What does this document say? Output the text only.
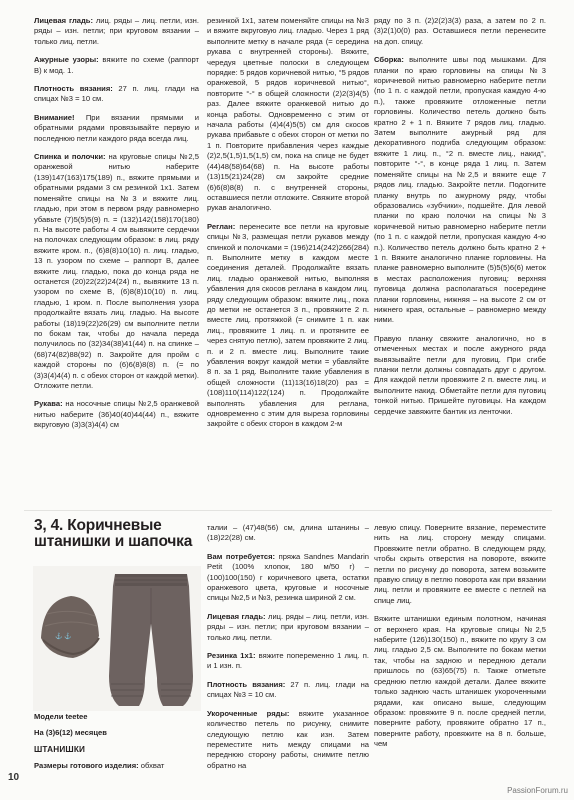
Лицевая гладь: лиц. ряды – лиц. петли, изн. ряды – изн. петли; при круговом вязании – только лиц. петли.

Ажурные узоры: вяжите по схеме (раппорт В) к мод. 1.

Плотность вязания: 27 п. лиц. глади на спицах №3 = 10 см.

Внимание! При вязании прямыми и обратными рядами провязывайте первую и последнюю петли каждого ряда всегда лиц.

Спинка и полочки: на круговые спицы №2,5 оранжевой нитью наберите (139)147(163)175(189) п., вяжите прямыми и обратными рядами 3 см резинкой 1х1. Затем поменяйте спицы на №3 и вяжите лиц. гладью, при этом в первом ряду равномерно убавьте (7)5(5)5(9) п. = (132)142(158)170(180) п. На высоте работы 4 см вывяжите сердечки на полочках следующим образом: в лиц. ряду вяжите кром. п., (6)8(8)10(10) п. лиц. гладью, 13 п. узором по схеме – раппорт В, далее вяжите лиц. гладью, пока до конца ряда не останется (20)22(22)24(24) п., вывяжите 13 п. узором по схеме В, (6)8(8)10(10) п. лиц. гладью, 1 кром. п. После выполнения узора продолжайте вязать лиц. гладью. На высоте работы (18)19(22)26(29) см выполните петли по бокам так, чтобы до начала переда получилось по (32)34(38)41(44) п. на спинке – (68)74(82)88(92) п. Закройте для пройм с каждой стороны по (6)6(8)8(8) п. (= по (3)3(4)4(4) п. с обеих сторон от каждой метки). Отложите петли.

Рукава: на носочные спицы №2,5 оранжевой нитью наберите (36)40(40)44(44) п., вяжите вкруговую (3)3(3)4(4) см

резинкой 1х1, затем поменяйте спицы на №3 и вяжите вкруговую лиц. гладью. Через 1 ряд выполните метку в начале ряда (= середина рукава с внутренней стороны). Вяжите, чередуя цветные полоски в следующем порядке: 5 рядов коричневой нитью, °5 рядов оранжевой, 5 рядов коричневой нитью°, повторите °-° в общей сложности (2)2(3)4(5) раз. Далее вяжите оранжевой нитью до конца работы. Одновременно с этим от начала работы (4)4(4)5(5) см для скосов рукава прибавьте с обеих сторон от метки по 1 п. Повторите прибавления через каждые (2)2,5(1,5)1,5(1,5) см, пока на спице не будет (44)48(58)64(68) п. На высоте работы (13)15(21)24(28) см закройте средние (6)6(8)8(8) п. с внутренней стороны, оставшиеся петли отложите. Свяжите второй рукав аналогично.

Реглан: перенесите все петли на круговые спицы №3, размещая петли рукавов между спинкой и полочками = (196)214(242)266(284) п. Выполните метку в каждом месте соединения деталей. Продолжайте вязать лиц. гладью оранжевой нитью, выполняя убавления для скосов реглана в каждом лиц. ряду следующим образом: вяжите лиц., пока до метки не останется 3 п., провяжите 2 п. вместе лиц. протяжкой (= снимите 1 п. как лиц., провяжите 1 лиц. п. и протяните ее через снятую петлю), затем провяжите 2 лиц. п. и 2 п. вместе лиц. Выполните такие убавления вокруг каждой метки = убавляйте 8 п. за 1 ряд. Выполните такие убавления в общей сложности (11)13(16)18(20) раз = (108)110(114)122(124) п. Продолжайте выполнять убавления для реглана, одновременно с этим для выреза горловины закройте с обеих сторон в каждом 2-м

ряду по 3 п. (2)2(2)3(3) раза, а затем по 2 п. (3)2(1)0(0) раз. Оставшиеся петли перенесите на доп. спицу.

Сборка: выполните швы под мышками. Для планки по краю горловины на спицы №3 коричневой нитью равномерно наберите петли (по 1 п. с каждой петли, пропуская каждую 4-ю п.), также провяжите отложенные петли горловины. Количество петель должно быть кратно 2 + 1 п. Вяжите 7 рядов лиц. гладью. Затем выполните ажурный ряд для декоративного подгиба следующим образом: вяжите 1 лиц. п., °2 п. вместе лиц., накид°, повторите °-°, в конце ряда 1 лиц. п. Затем поменяйте спицы на №2,5 и вяжите еще 7 рядов лиц. гладью. Закройте петли. Подогните планку внутрь по ажурному ряду, чтобы образовались «зубчики», подшейте. Для левой планки по краю полочки на спицы №3 коричневой нитью равномерно наберите петли (по 1 п. с каждой петли, пропуская каждую 4-ю п.). Количество петель должно быть кратно 2 + 1 п. Вяжите аналогично планке горловины. На планке равномерно выполните (5)5(5)6(6) меток в местах расположения пуговиц: верхняя пуговица должна располагаться посередине планки горловины, нижняя – на высоте 2 см от нижнего края, остальные – равномерно между ними.

Правую планку свяжите аналогично, но в отмеченных местах и после ажурного ряда вывязывайте петли для пуговиц. При сгибе планки петли должны совпадать друг с другом. Для каждой петли провяжите 2 п. вместе лиц. и выполните накид. Обметайте петли для пуговиц тонкой нитью. Пришейте пуговицы. На каждом сердечке завяжите бантик из ленточки.

3, 4. Коричневые
штанишки и шапочка
⚓ ⚓

Модели teetee

На (3)6(12) месяцев

ШТАНИШКИ

Размеры готового изделия: обхват

талии – (47)48(56) см, длина штанины – (18)22(28) см.

Вам потребуется: пряжа Sandnes Mandarin Petit (100% хлопок, 180 м/50 г) – (100)100(150) г коричневого цвета, остатки оранжевого цвета, круговые и носочные спицы №2,5 и №3, резинка шириной 2 см.

Лицевая гладь: лиц. ряды – лиц. петли, изн. ряды – изн. петли; при круговом вязании – только лиц. петли.

Резинка 1х1: вяжите попеременно 1 лиц. п. и 1 изн. п.

Плотность вязания: 27 п. лиц. глади на спицах №3 = 10 см.

Укороченные ряды: вяжите указанное количество петель по рисунку, снимите следующую петлю как изн. Затем переместите нить между спицами на переднюю сторону работы, снимите петлю обратно на

левую спицу. Поверните вязание, переместите нить на лиц. сторону между спицами. Провяжите петли обратно. В следующем ряду, чтобы скрыть отверстия на повороте, вяжите петли по рисунку до поворота, затем возьмите правую спицу в петлю поворота как при вязании лиц. петли и провяжите ее вместе с петлей на спице лиц.

Вяжите штанишки единым полотном, начиная от верхнего края. На круговые спицы №2,5 наберите (126)130(150) п., вяжите по кругу 3 см лиц. гладью 2,5 см. Выполните по бокам метки так, чтобы на задною и переднюю детали пришлось по (63)65(75) п. Также отметьте среднюю петлю каждой детали. Далее вяжите только заднюю часть штанишек укороченными рядами, как описано выше, следующим образом: провяжите 9 п. после средней петли, поверните работу, провяжите обратно 17 п., поверните работу, провяжите на 8 п. больше, чем

10
PassionForum.ru
